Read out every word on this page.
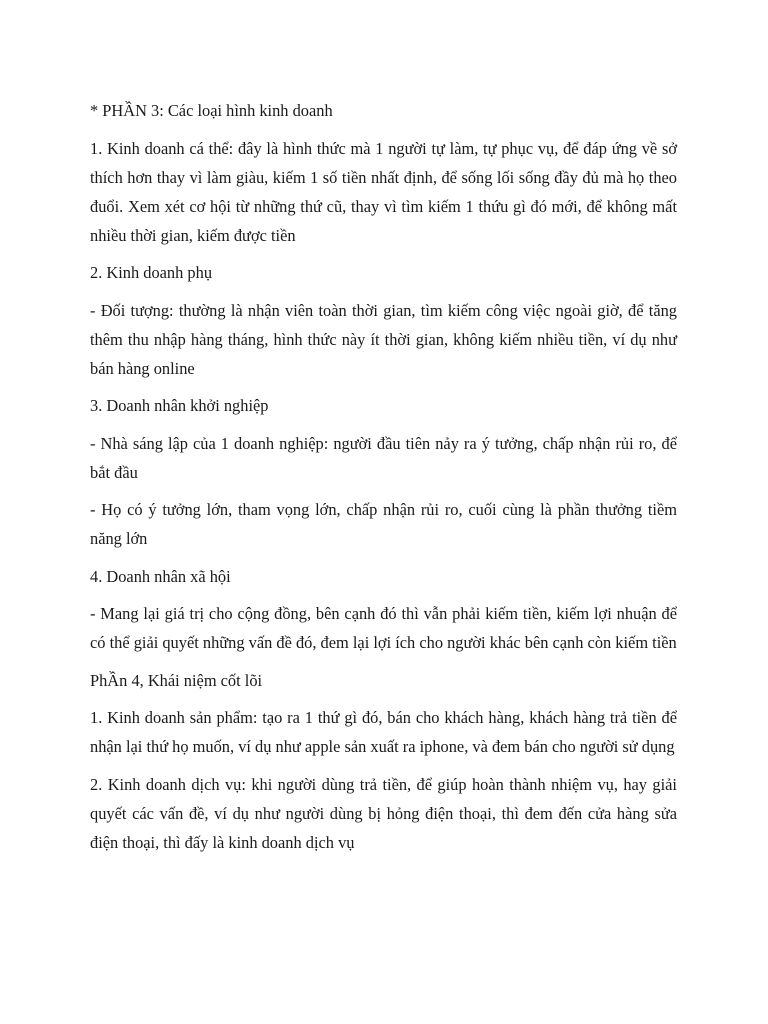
* PHẦN 3: Các loại hình kinh doanh

1. Kinh doanh cá thể: đây là hình thức mà 1 người tự làm, tự phục vụ, để đáp ứng về sở thích hơn thay vì làm giàu, kiếm 1 số tiền nhất định, để sống lối sống đầy đủ mà họ theo đuổi. Xem xét cơ hội từ những thứ cũ, thay vì tìm kiếm 1 thứu gì đó mới, để không mất nhiều thời gian, kiếm được tiền

2. Kinh doanh phụ

- Đối tượng: thường là nhận viên toàn thời gian, tìm kiếm công việc ngoài giờ, để tăng thêm thu nhập hàng tháng, hình thức này ít thời gian, không kiếm nhiều tiền, ví dụ như bán hàng online

3. Doanh nhân khởi nghiệp

- Nhà sáng lập của 1 doanh nghiệp: người đầu tiên nảy ra ý tưởng, chấp nhận rủi ro, để bắt đầu

- Họ có ý tưởng lớn, tham vọng lớn, chấp nhận rủi ro, cuối cùng là phần thưởng tiềm năng lớn

4. Doanh nhân xã hội

- Mang lại giá trị cho cộng đồng, bên cạnh đó thì vẫn phải kiếm tiền, kiếm lợi nhuận để có thể giải quyết những vấn đề đó, đem lại lợi ích cho người khác bên cạnh còn kiếm tiền

PhẦn 4, Khái niệm cốt lõi

1. Kinh doanh sản phẩm: tạo ra 1 thứ gì đó, bán cho khách hàng, khách hàng trả tiền để nhận lại thứ họ muốn, ví dụ như apple sản xuất ra iphone, và đem bán cho người sử dụng

2. Kinh doanh dịch vụ: khi người dùng trả tiền, để giúp hoàn thành nhiệm vụ, hay giải quyết các vấn đề, ví dụ như người dùng bị hỏng điện thoại, thì đem đến cửa hàng sửa điện thoại, thì đấy là kinh doanh dịch vụ
